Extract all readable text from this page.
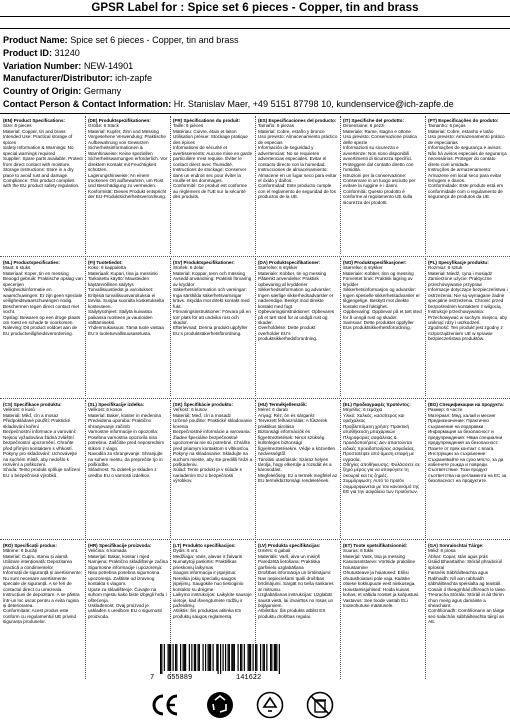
GPSR Label for : Spice set 6 pieces - Copper, tin and brass
Product Name: Spice set 6 pieces - Copper, tin and brass
Product ID: 31240
Variation Number: NEW-14901
Manufacturer/Distributor: ich-zapfe
Country of Origin: Germany
Contact Person & Contact Information: Hr. Stanislav Maer, +49 5151 87798 10, kundenservice@ich-zapfe.de
(EN) Product Specifications:
Size: 6 pieces
Material: Copper, tin and brass
Intended Use: Practical storage of spices
Safety Information & Warnings: No special warnings required
Supplier: Spare parts available. Protect from direct contact with moisture.
Storage Instructions: Store in a dry place to avoid rust and damage.
Compliance: This product complies with the EU product safety regulation.
(DE) Produktspezifikationen:
Größe: 6 Stück
Material: Kupfer, Zinn und Messing
Vorgesehene Verwendung: Praktische Aufbewahrung von Gewürzen
Sicherheitsinformationen & Warnhinweise: Keine speziellen Sicherheitswarnungen erforderlich. Vor direktem Kontakt mit Feuchtigkeit schützen.
Lagerungshinweise: An einem trockenen Ort aufbewahren, um Rost und Beschädigung zu vermeiden.
Konformität: Dieses Produkt entspricht der EU-Produktsicherheitsverordnung.
(FR) Spécifications du produit:
Taille: 6 pièces
Matériau: Cuivre, étain et laiton
Utilisation prévue: Stockage pratique des épices
Informations de sécurité et avertissements: Aucune mise en garde particulière n'est requise. Éviter le contact direct avec l'humidité.
Instructions de stockage: Conserver dans un endroit sec pour éviter la rouille et les dommages.
Conformité: Ce produit est conforme au règlement de l'UE sur la sécurité des produits.
(ES) Especificaciones del producto:
Tamaño: 6 piezas
Material: Cobre, estaño y bronce
Uso previsto: Almacenamiento práctico de especias
Información de seguridad y advertencias: No se requieren advertencias especiales. Evitar el contacto directo con la humedad.
Instrucciones de almacenamiento: Almacene en un lugar seco para evitar el óxido y daños.
Conformidad: Este producto cumple con el reglamento de seguridad de los productos de la UE.
(IT) Specifiche del prodotto:
Dimensione: 6 pezzi
Materiale: Rame, stagno e ottone
Uso previsto: Conservazione pratica delle spezie
Informazioni su sicurezza e avvertenze: Non sono disponibili avvertimenti di sicurezza specifici. Proteggere dal contatto diretto con l'umidità.
Istruzioni per la conservazione: Conservare in un luogo asciutto per evitare la ruggine e i danni.
Conformità: Questo prodotto è conforme al regolamento UE sulla sicurezza dei prodotti.
(PT) Especificações do produto:
Tamanho: 6 peças
Material: Cobre, estanho e latão
Uso previsto: Armazenamento prático de especiarias
Informações de segurança e avisos: Não há avisos especiais de segurança necessários. Proteger do contato direto com umidade.
Instruções de armazenamento: Armazene em local seco para evitar ferrugem e danos.
Conformidade: Este produto está em conformidade com o regulamento de segurança de produtos da UE.
(NL) Productspecificaties:
Maat: 6 stuks
Materiaal: Koper, tin en messing
Beoogd gebruik: Praktische opslag van specerijen
Veiligheidsinformatie en waarschuwingen: Er zijn geen speciale veiligheidswaarschuwingen nodig. Beschermen tegen direct contact met vocht.
Opslag: Bewaren op een droge plaats om roest en schade te voorkomen.
Naleving: Dit product voldoet aan de EU productveiligheidsverordening.
(FI) Tuotetiedot:
Koko: 6 kappaletta
Materiaali: Kupari, tina ja messinki
Tarkoitettu käyttö: Mausteiden käytännöllinen säilytys
Turvallisuustiedot ja varoitukset: Erityisiä turvallisuusvaroituksia ei tarvita. Suojaa suoralta kosketukselta kosteuteen.
Säilytysohjeet: Säilytä kuivassa paikassa ruosteen ja vaurioiden välttämiseksi.
Yhdenmukaisuus: Tämä tuote vastaa EU:n tuoteturvallisuusasetusta.
(SV) Produktspecifikationer:
Storlek: 6 delar
Material: Koppar, tenn och mässing
Avsedd användning: Praktisk förvaring av kryddor
Säkerhetsinformation och varningar: Inga särskilda säkerhetsvarningar krävs. Skydda mot direkt kontakt med fukt.
Förvaringsinstruktioner: Förvara på en torr plats för att undvika rost och skador.
Efterlevnad: Denna produkt uppfyller EU:s produktsäkerhetsförordning.
(DA) Produktspecifikationer:
Størrelse: 6 stykker
Materiale: Kobber, tin og messing
Påtænkt anvendelse: Praktisk opbevaring af krydderier
Sikkerhedsinformation og advarsler: Ingen særlige sikkerhedsadvarsler er nødvendige. Beskyt mod direkte kontakt med fugt.
Opbevaringsinstruktioner: Opbevares på et tørt sted for at undgå rust og skader.
Overholdelse: Dette produkt overholder EU's produktsikkerhedsforordning.
(NO) Produktspesifikasjoner:
Størrelse: 6 stykker
Materiale: Kobber, tinn og messing
Forventet bruk: Praktisk lagring av krydder
Sikkerhetsinformasjon og advarsler: Ingen spesielle sikkerhetsadvarsler er tilgjengelige. Beskytt mot direkte kontakt med fuktighet.
Oppbevaring: Oppbevar på et tørt sted for å unngå rust og skader.
Samsvar: Dette produktet oppfyller EUs produktsikkerhetsforordning.
(PL) Specyfikacje produktu:
Rozmiar: 6 sztuk
Materiał: Miedź, cyna i mosiądz
Zamierzone użycie: Praktyczne przechowywanie przypraw
Informacje dotyczące bezpieczeństwa i ostrzeżenia: Nie są wymagane żadne specjalne ostrzeżenia. Chronić przed bezpośrednim kontaktem z wilgocią.
Instrukcje przechowywania: Przechowywać w suchym miejscu, aby uniknąć rdzy i uszkodzeń.
Zgodność: Ten produkt jest zgodny z rozporządzeniem UE w sprawie bezpieczeństwa produktów.
(CS) Specifikace produktu:
Velikost: 6 kusů
Materiál: Měď, cín a mosaz
Předpokládané použití: Praktické skladování koření
Bezpečnostní informace a varování: Nejsou vyžadována žádná zvláštní bezpečnostní upozornění. Chraňte před přímým kontaktem s vlhkostí.
Pokyny pro skladování: Uchovávejte na suchém místě, aby nedošlo k rezivění a poškození.
Shoda: Tento produkt splňuje nařízení EU o bezpečnosti výrobků.
(SL) Specifikacije izdelka:
Velikost: 6 kosov
Material: Baker, kositer in medenina
Predvidena uporaba: Praktično shranjevanje začimb
Varnostne informacije in opozorila: Posebna varnostna opozorila niso potrebna. Zaščitite pred neposrednim stikom z vlago.
Navodila za shranjevanje: Shranjujte na suhem mestu, da preprečite rjo in poškodbe.
Skladnost: Ta izdelek je skladen z uredbo EU o varnosti izdelkov.
(SK) Špecifikácie produktu:
Veľkosť: 6 kusov
Materiál: Meď, cín a mosadz
Určené použitie: Praktické skladovanie korenia
Bezpečnostné informácie a varovania: Žiadne špeciálne bezpečnostné upozornenia nie sú potrebné. Chráňte pred priamym kontaktom s vlhkosťou.
Pokyny na skladovanie: Skladujte na suchom mieste, aby ste predišli hrdzi a poškodeniu.
Súlad: Tento produkt je v súlade s nariadením EÚ o bezpečnosti výrobkov.
(HU) Termékjellemzők:
Méret: 6 darab
Anyag: Réz, ón és sárgaréz
Tervezett felhasználás: A fűszerek praktikus tárolása
Biztonsági információk és figyelmeztetések: Nincs szükség különleges biztonsági figyelmeztetésekre. Védje a közvetlen nedvességtől.
Tárolási utasítások: Száraz helyen tárolja, hogy elkerülje a rozsdát és a károsodást.
Megfelelőség: Ez a termék megfelel az EU termékbiztonsági rendeletének.
(EL) Προδιαγραφές προϊόντος:
Μέγεθος: 6 τεμάχια
Υλικό: Χαλκός, κασσίτερος και ορείχαλκος
Προβλεπόμενη χρήση: Πρακτική αποθήκευση μπαχαρικών
Πληροφορίες ασφάλειας & προειδοποιήσεις: Δεν απαιτούνται ειδικές προειδοποιήσεις ασφαλείας. Προστατέψτε από άμεση επαφή με υγρασία.
Οδηγίες αποθήκευσης: Φυλάσσετε σε ξηρό μέρος για να αποφύγετε τη σκουριά και τις ζημιές.
Συμμόρφωση: Αυτό το προϊόν συμμορφώνεται με τον κανονισμό της ΕΕ για την ασφάλεια των προϊόντων.
(BG) Спецификации на продукта:
Размер: 6 части
Материал: Мед, калай и месинг
Предназначение: Практично съхранение на подправки
Информация за безопасност и предупреждения: Няма специални предупреждения за безопасност. Пазете от пряк контакт с влага.
Инструкции за съхранение: Съхранявайте на сухо място, за да избегнете ръжда и повреди.
Съответствие: Този продукт съответства на регламента на ЕС за безопасност на продуктите.
(RO) Specificații produs:
Mărime: 6 bucăți
Material: Cupru, staniu și alamă
Utilizare intenționată: Depozitarea practică a condimentelor
Informații de siguranță și avertismente: Nu sunt necesare avertismente speciale de siguranță. A se feri de contactul direct cu umezeala.
Instrucțiuni de depozitare: A se păstra într-un loc uscat pentru a evita rugina și deteriorarea.
Conformitate: Acest produs este conform cu regulamentul UE privind siguranța produselor.
(HR) Specifikacije proizvoda:
Veličina: 6 komada
Materijal: Bakar, kositar i mjed
Namjena: Praktično skladištenje začina
Sigurnosne informacije i upozorenja: Nisu potrebna posebna sigurnosna upozorenja. Zaštitite od izravnog kontakta s vlagom.
Upute za skladištenje: Čuvajte na suhom mjestu kako biste izbjegli hrđu i oštećenja.
Usklađenost: Ovaj proizvod je usklađen s uredbom EU o sigurnosti proizvoda.
(LT) Produkto specifikacijos:
Dydis: 6 vnt.
Medžiaga: Varis, alavas ir žalvaris
Numatytoji paskirtis: Praktiškas prieskonių laikymas
Saugos informacija ir įspėjimai: Nereikia jokių specialių saugos įspėjimų. Saugokite nuo tiesioginio kontakto su drėgme.
Laikymo instrukcijos: Laikykite sausoje vietoje, kad išvengtumėte rūdžių ir pažeidimų.
Atitiktis: Šis produktas atitinka ES produktų saugos reglamentą.
(LV) Produkta specifikācijas:
Izmērs: 6 gabali
Materiāls: Varš, alva un misiņš
Paredzētā lietošana: Praktiska garšvielu uzglabāšana
Drošības informācija un brīdinājumi: Nav nepieciešami īpaši drošības brīdinājumi. Sargāt no tieša saskares ar mitrumu.
Uzglabāšanas instrukcijas: Uzglabāt sausā vietā, lai izvairītos no rūsas un bojājumiem.
Atbilstība: Šis produkts atbilst ES produktu drošības regulai.
(ET) Toote spetsifikatsioonid:
Suurus: 6 tükki
Materjal: Vask, tina ja messing
Kasutusotstarve: Vürtside praktiline hoiustamine
Ohutusteave ja hoiatused: Erilisi ohutushoiatusi pole vaja. Kaitske otsese kokkupuute eest niiskusega.
Hoiustamisjuhised: Hoida kuivas kohas, et vältida roostet ja kahjustusi.
Vastavus: See toode vastab ELi tooteohutuse määrusele.
(GA) Sonraíochtaí Táirge:
Méid: 6 píosa
Ábhar: Copar, stán agus prás
Úsáid Bheartaithe: Stóráil phraiticiúil spíosraí
Faisnéis Sábháilteachta agus Rabhaidh: Níl aon rabhaidh sábháilteachta speisialta ag teastáil. Cosain ó theagmháil dhíreach le taise.
Treoracha Stórála: Stóráil in áit thirim chun meirg agus damáiste a sheachaint.
Comhlíonadh: Comhlíonann an táirge seo rialachán sábháilteachta táirgí an AE.
7 655889	141622
